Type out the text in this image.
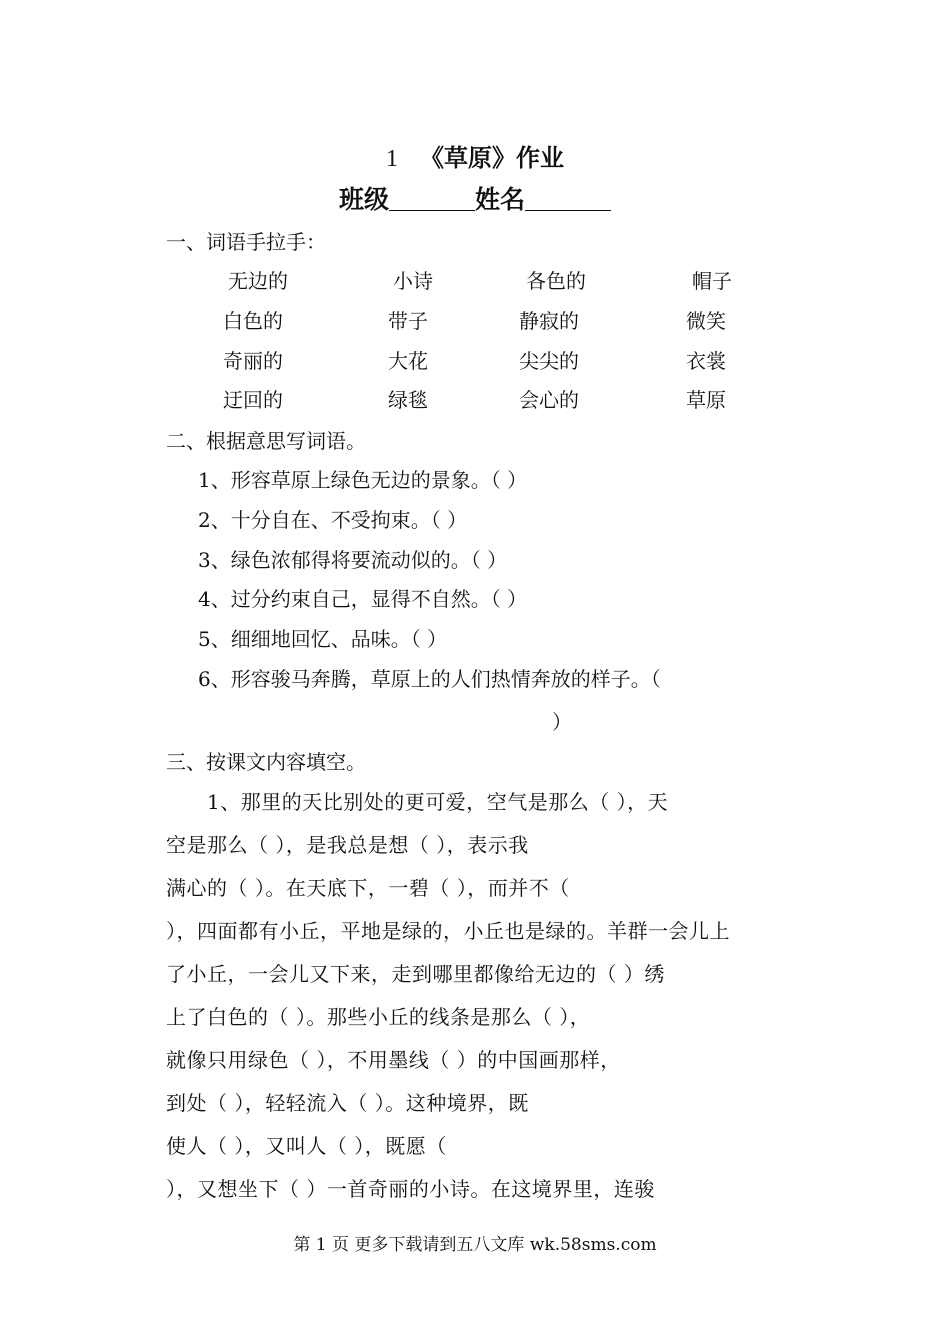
1 《草原》作业
班级	姓名
一、词语手拉手：
无边的	小诗	各色的	帽子
白色的	带子	静寂的	微笑
奇丽的	大花	尖尖的	衣裳
迂回的	绿毯	会心的	草原
二、根据意思写词语。
1、形容草原上绿色无边的景象。（ ）
2、十分自在、不受拘束。（ ）
3、绿色浓郁得将要流动似的。（ ）
4、过分约束自己，显得不自然。（ ）
5、细细地回忆、品味。（ ）
6、形容骏马奔腾，草原上的人们热情奔放的样子。（
）
三、按课文内容填空。
　　1、那里的天比别处的更可爱，空气是那么（ ），天
空是那么（ ），是我总是想（ ），表示我
满心的（ ）。在天底下，一碧（ ），而并不（
），四面都有小丘，平地是绿的，小丘也是绿的。羊群一会儿上
了小丘，一会儿又下来，走到哪里都像给无边的（ ）绣
上了白色的（ ）。那些小丘的线条是那么（ ），
就像只用绿色（ ），不用墨线（ ）的中国画那样，
到处（ ），轻轻流入（ ）。这种境界，既
使人（ ），又叫人（ ），既愿（
），又想坐下（ ）一首奇丽的小诗。在这境界里，连骏
第 1 页 更多下载请到五八文库 wk.58sms.com
